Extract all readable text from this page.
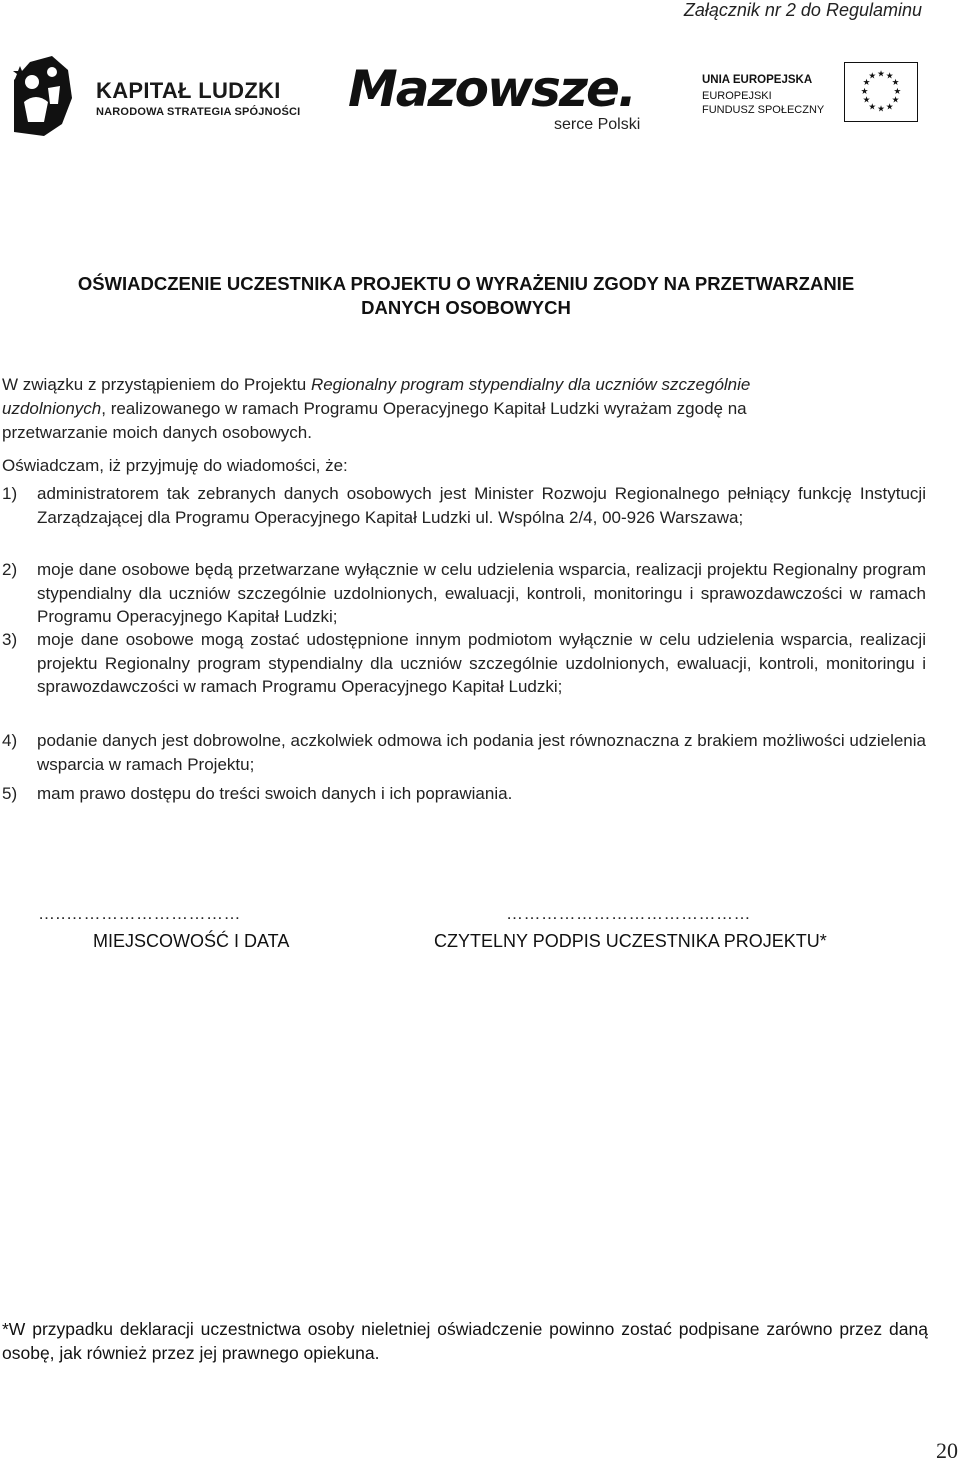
Załącznik nr 2 do Regulaminu
KAPITAŁ LUDZKI
NARODOWA STRATEGIA SPÓJNOŚCI Mazowsze.
serce Polski
UNIA EUROPEJSKA
EUROPEJSKI
FUNDUSZ SPOŁECZNY
★ ★
★
★
★
★
★
★
★
★
★
★
OŚWIADCZENIE UCZESTNIKA PROJEKTU O WYRAŻENIU ZGODY NA PRZETWARZANIE
DANYCH OSOBOWYCH
W związku z przystąpieniem do Projektu Regionalny program stypendialny dla uczniów szczególnie
uzdolnionych, realizowanego w ramach Programu Operacyjnego Kapitał Ludzki wyrażam zgodę na
przetwarzanie moich danych osobowych.
Oświadczam, iż przyjmuję do wiadomości, że:
1) administratorem tak zebranych danych osobowych jest Minister Rozwoju Regionalnego pełniący funkcję Instytucji Zarządzającej dla Programu Operacyjnego Kapitał Ludzki ul. Wspólna 2/4, 00-926 Warszawa;
2) moje dane osobowe będą przetwarzane wyłącznie w celu udzielenia wsparcia, realizacji projektu Regionalny program stypendialny dla uczniów szczególnie uzdolnionych, ewaluacji, kontroli, monitoringu i sprawozdawczości w ramach Programu Operacyjnego Kapitał Ludzki;
3) moje dane osobowe mogą zostać udostępnione innym podmiotom wyłącznie w celu udzielenia wsparcia, realizacji projektu Regionalny program stypendialny dla uczniów szczególnie uzdolnionych, ewaluacji, kontroli, monitoringu i sprawozdawczości w ramach Programu Operacyjnego Kapitał Ludzki;
4) podanie danych jest dobrowolne, aczkolwiek odmowa ich podania jest równoznaczna z brakiem możliwości udzielenia wsparcia w ramach Projektu;
5) mam prawo dostępu do treści swoich danych i ich poprawiania.
…..…………………………	……………………………………
MIEJSCOWOŚĆ I DATA	CZYTELNY PODPIS UCZESTNIKA PROJEKTU*
*W przypadku deklaracji uczestnictwa osoby nieletniej oświadczenie powinno zostać podpisane zarówno przez daną osobę, jak również przez jej prawnego opiekuna.
20
